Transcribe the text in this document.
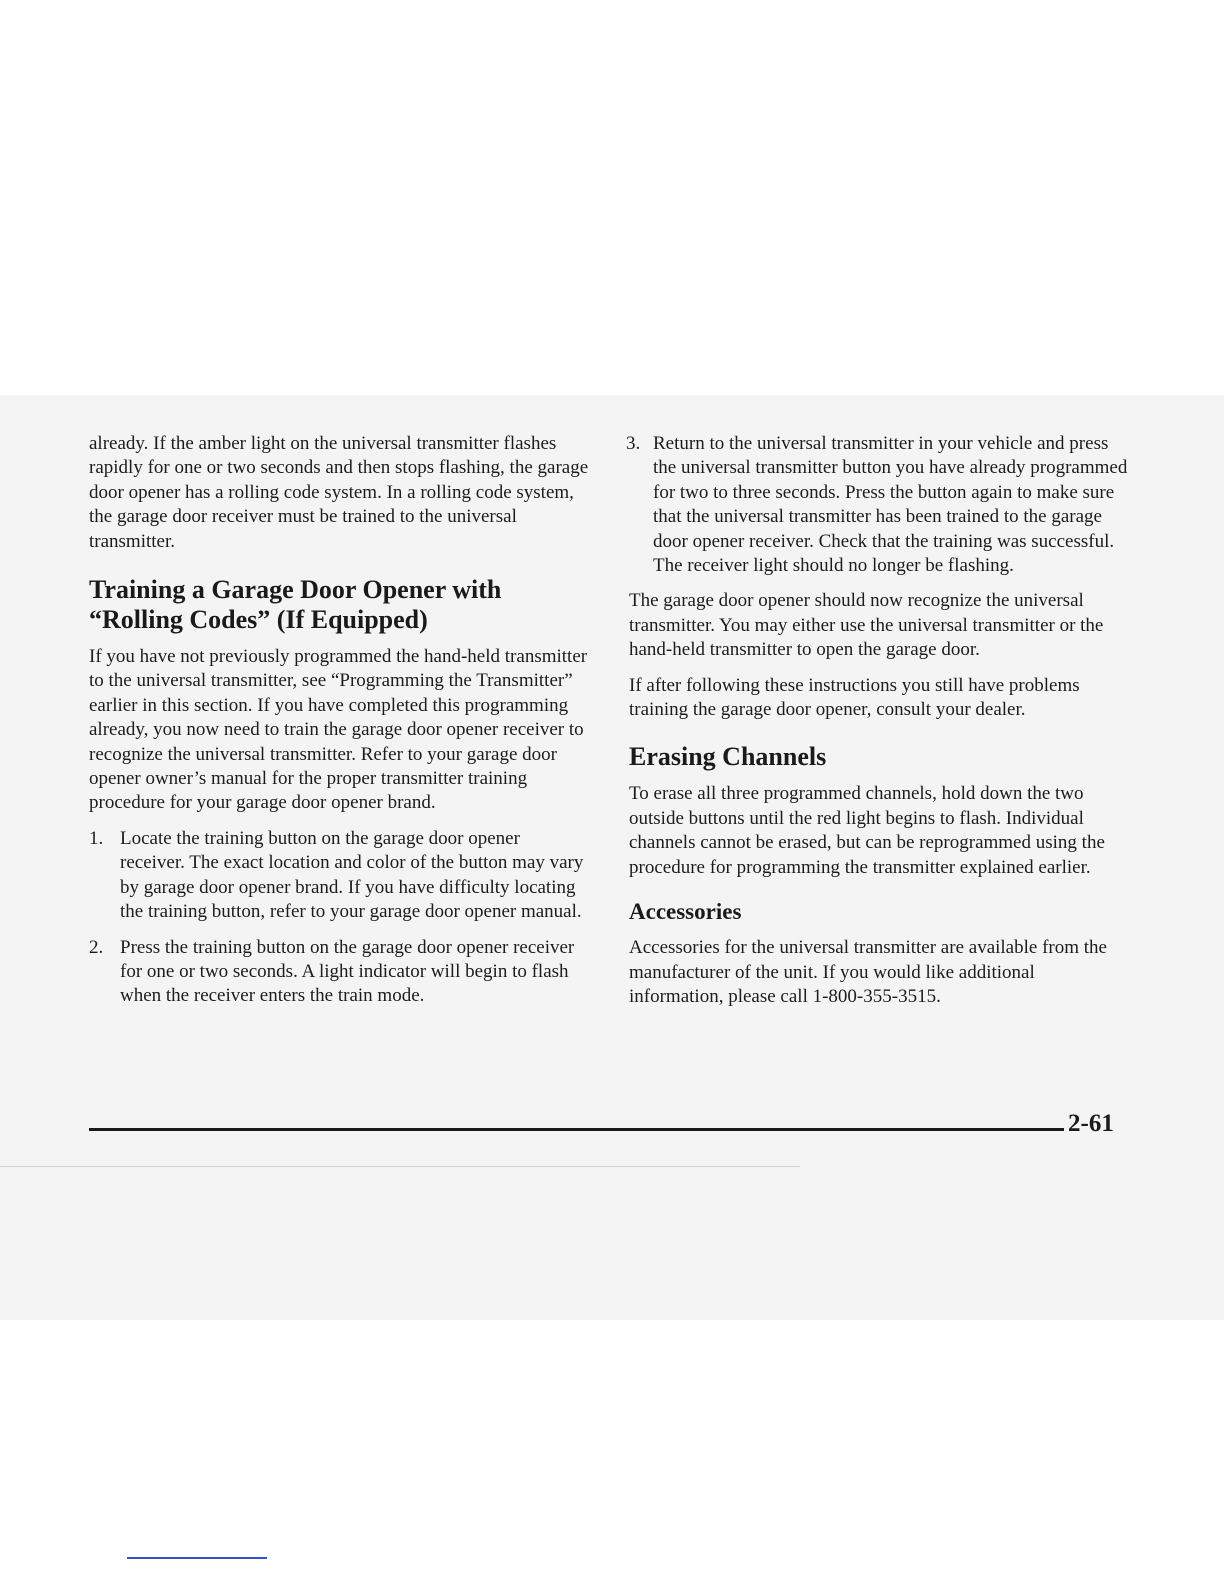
already. If the amber light on the universal transmitter flashes rapidly for one or two seconds and then stops flashing, the garage door opener has a rolling code system. In a rolling code system, the garage door receiver must be trained to the universal transmitter.

Training a Garage Door Opener with “Rolling Codes” (If Equipped)

If you have not previously programmed the hand-held transmitter to the universal transmitter, see “Programming the Transmitter” earlier in this section. If you have completed this programming already, you now need to train the garage door opener receiver to recognize the universal transmitter. Refer to your garage door opener owner’s manual for the proper transmitter training procedure for your garage door opener brand.

1. Locate the training button on the garage door opener receiver. The exact location and color of the button may vary by garage door opener brand. If you have difficulty locating the training button, refer to your garage door opener manual.
2. Press the training button on the garage door opener receiver for one or two seconds. A light indicator will begin to flash when the receiver enters the train mode.
3. Return to the universal transmitter in your vehicle and press the universal transmitter button you have already programmed for two to three seconds. Press the button again to make sure that the universal transmitter has been trained to the garage door opener receiver. Check that the training was successful. The receiver light should no longer be flashing.

The garage door opener should now recognize the universal transmitter. You may either use the universal transmitter or the hand-held transmitter to open the garage door.

If after following these instructions you still have problems training the garage door opener, consult your dealer.

Erasing Channels

To erase all three programmed channels, hold down the two outside buttons until the red light begins to flash. Individual channels cannot be erased, but can be reprogrammed using the procedure for programming the transmitter explained earlier.

Accessories

Accessories for the universal transmitter are available from the manufacturer of the unit. If you would like additional information, please call 1-800-355-3515.

2-61
